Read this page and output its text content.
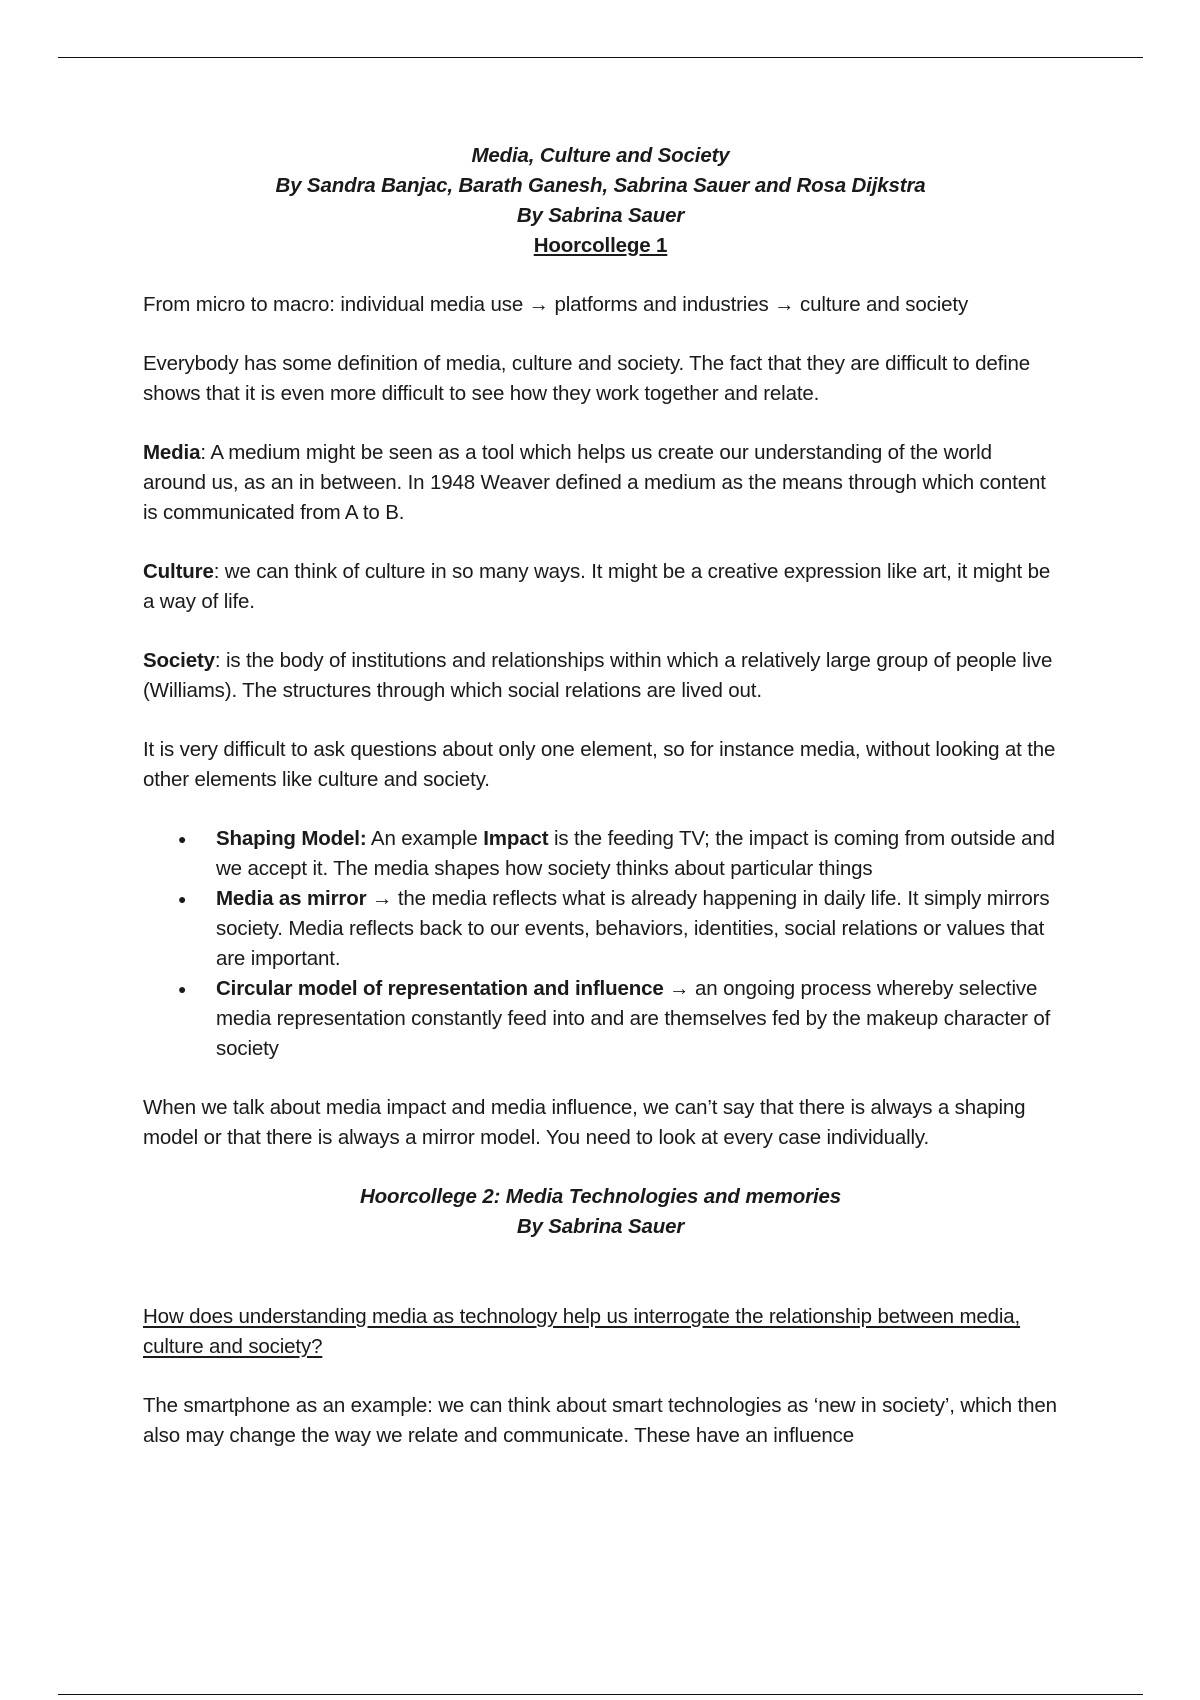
Media, Culture and Society

By Sandra Banjac, Barath Ganesh, Sabrina Sauer and Rosa Dijkstra

By Sabrina Sauer

Hoorcollege 1

From micro to macro: individual media use → platforms and industries → culture and society

Everybody has some definition of media, culture and society. The fact that they are difficult to define shows that it is even more difficult to see how they work together and relate.

Media: A medium might be seen as a tool which helps us create our understanding of the world around us, as an in between. In 1948 Weaver defined a medium as the means through which content is communicated from A to B.

Culture: we can think of culture in so many ways. It might be a creative expression like art, it might be a way of life.

Society: is the body of institutions and relationships within which a relatively large group of people live (Williams). The structures through which social relations are lived out.

It is very difficult to ask questions about only one element, so for instance media, without looking at the other elements like culture and society.

● Shaping Model: An example Impact is the feeding TV; the impact is coming from outside and we accept it. The media shapes how society thinks about particular things
● Media as mirror → the media reflects what is already happening in daily life. It simply mirrors society. Media reflects back to our events, behaviors, identities, social relations or values that are important.
● Circular model of representation and influence → an ongoing process whereby selective media representation constantly feed into and are themselves fed by the makeup character of society

When we talk about media impact and media influence, we can’t say that there is always a shaping model or that there is always a mirror model. You need to look at every case individually.

Hoorcollege 2: Media Technologies and memories

By Sabrina Sauer

How does understanding media as technology help us interrogate the relationship between media, culture and society?

The smartphone as an example: we can think about smart technologies as ‘new in society’, which then also may change the way we relate and communicate. These have an influence
